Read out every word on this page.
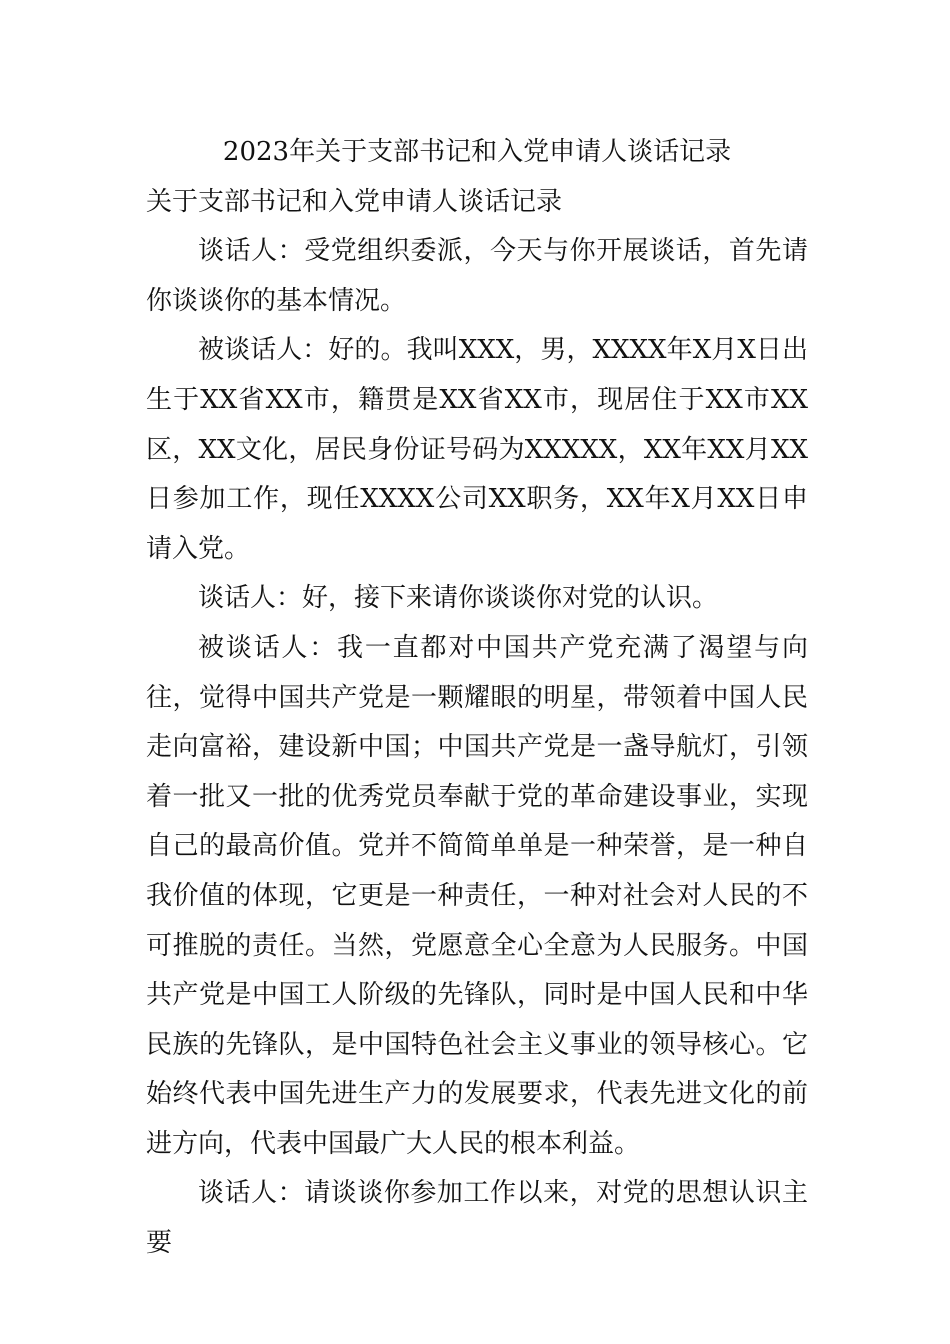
2023年关于支部书记和入党申请人谈话记录

关于支部书记和入党申请人谈话记录

谈话人：受党组织委派，今天与你开展谈话，首先请你谈谈你的基本情况。

被谈话人：好的。我叫XXX，男，XXXX年X月X日出生于XX省XX市，籍贯是XX省XX市，现居住于XX市XX区，XX文化，居民身份证号码为XXXXX，XX年XX月XX日参加工作，现任XXXX公司XX职务，XX年X月XX日申请入党。

谈话人：好，接下来请你谈谈你对党的认识。

被谈话人：我一直都对中国共产党充满了渴望与向往，觉得中国共产党是一颗耀眼的明星，带领着中国人民走向富裕，建设新中国；中国共产党是一盏导航灯，引领着一批又一批的优秀党员奉献于党的革命建设事业，实现自己的最高价值。党并不简简单单是一种荣誉，是一种自我价值的体现，它更是一种责任，一种对社会对人民的不可推脱的责任。当然，党愿意全心全意为人民服务。中国共产党是中国工人阶级的先锋队，同时是中国人民和中华民族的先锋队，是中国特色社会主义事业的领导核心。它始终代表中国先进生产力的发展要求，代表先进文化的前进方向，代表中国最广大人民的根本利益。

谈话人：请谈谈你参加工作以来，对党的思想认识主要
